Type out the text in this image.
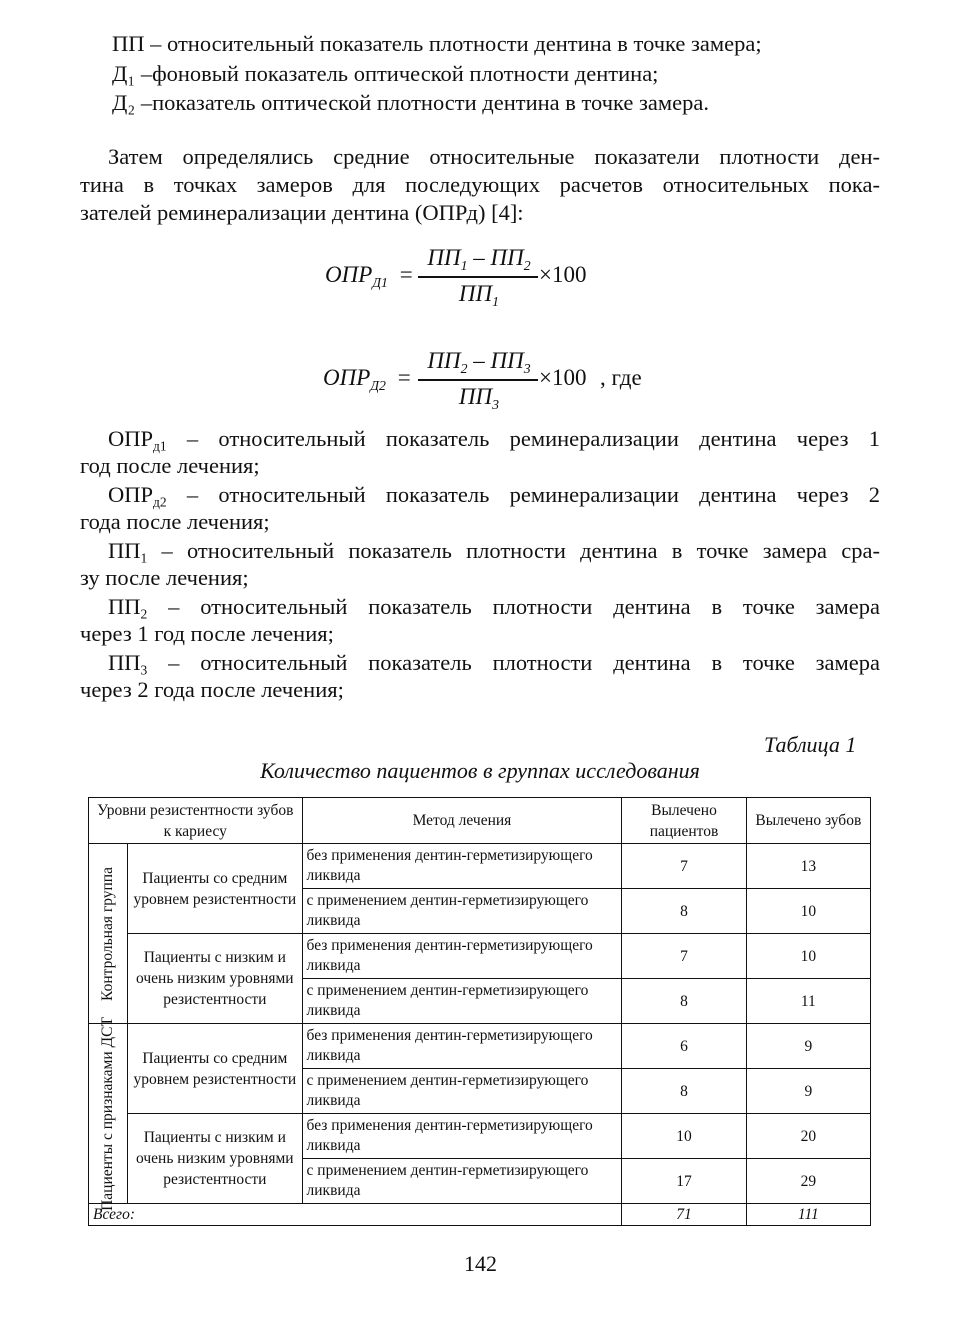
ПП – относительный показатель плотности дентина в точке замера;
Д₁ –фоновый показатель оптической плотности дентина;
Д₂ –показатель оптической плотности дентина в точке замера.
Затем определялись средние относительные показатели плотности ден-
тина в точках замеров для последующих расчетов относительных пока-
зателей реминерализации дентина (ОПРд) [4]:
$ОПР_{Д1}$ =
$ПП_1 - ПП_2$
$ПП_1$
×100
$ОПР_{Д2}$ =
$ПП_2 - ПП_3$
$ПП_3$
×100 , где
$ОПР_{д1}$ – относительный показатель реминерализации дентина через 1
год после лечения;
$ОПР_{д2}$ – относительный показатель реминерализации дентина через 2
года после лечения;
$ПП_1$ – относительный показатель плотности дентина в точке замера сра-
зу после лечения;
$ПП_2$ – относительный показатель плотности дентина в точке замера
через 1 год после лечения;
$ПП_3$ – относительный показатель плотности дентина в точке замера
через 2 года после лечения;
Таблица 1
Количество пациентов в группах исследования
Уровни резистентности зубов к кариесу		Метод лечения	Вылечено пациентов	Вылечено зубов

Контрольная группа	Пациенты со средним уровнем резистентности	без применения дентин-герметизирующего ликвида	7	13
		с применением дентин-герметизирующего ликвида	8	10
	Пациенты с низким и очень низким уровнями резистентности	без применения дентин-герметизирующего ликвида	7	10
		с применением дентин-герметизирующего ликвида	8	11

Пациенты с признаками ДСТ	Пациенты со средним уровнем резистентности	без применения дентин-герметизирующего ликвида	6	9
		с применением дентин-герметизирующего ликвида	8	9
	Пациенты с низким и очень низким уровнями резистентности	без применения дентин-герметизирующего ликвида	10	20
		с применением дентин-герметизирующего ликвида	17	29
Всего:			71	111
142
